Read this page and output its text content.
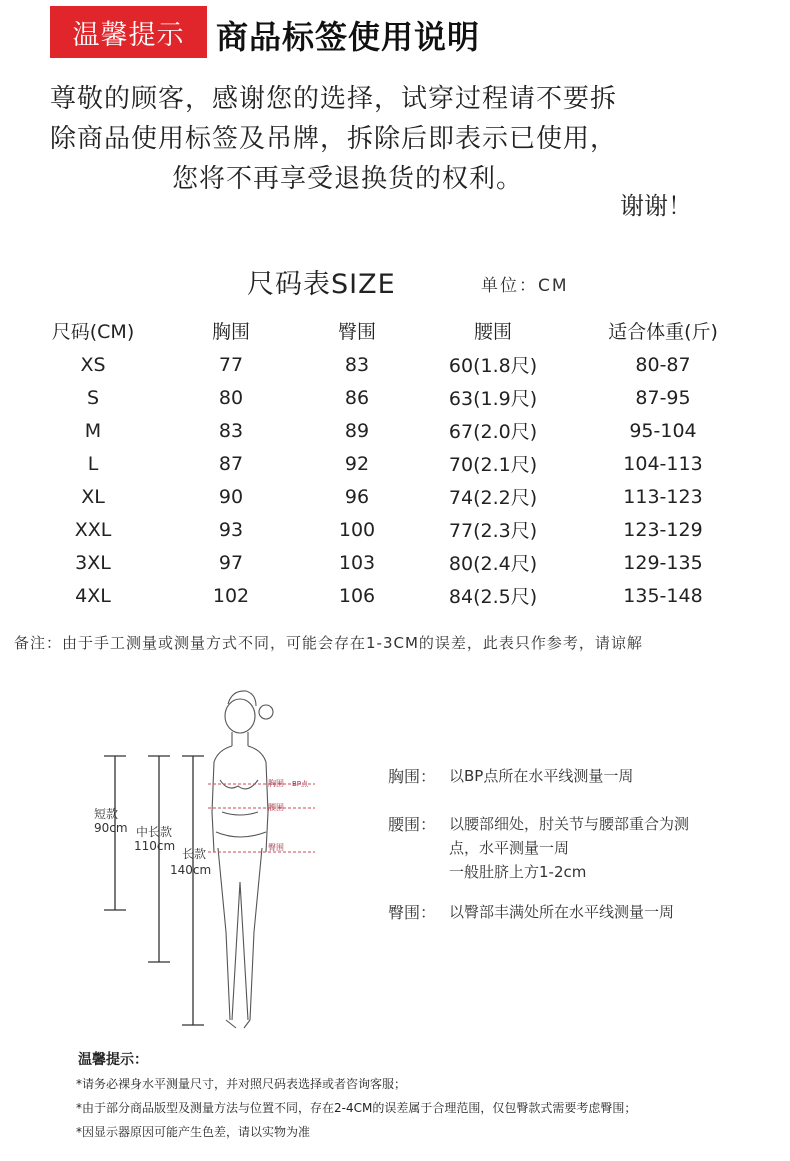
温馨提示 商品标签使用说明
尊敬的顾客，感谢您的选择，试穿过程请不要拆
除商品使用标签及吊牌，拆除后即表示已使用，
您将不再享受退换货的权利。
谢谢！
尺码表SIZE	单位：CM
尺码(CM)	胸围	臀围	腰围	适合体重(斤)
XS	77	83	60(1.8尺)	80-87
S	80	86	63(1.9尺)	87-95
M	83	89	67(2.0尺)	95-104
L	87	92	70(2.1尺)	104-113
XL	90	96	74(2.2尺)	113-123
XXL	93	100	77(2.3尺)	123-129
3XL	97	103	80(2.4尺)	129-135
4XL	102	106	84(2.5尺)	135-148
备注：由于手工测量或测量方式不同，可能会存在1-3CM的误差，此表只作参考，请谅解
短款
90cm 中长款
110cm
长款
140cm
胸围 BP点
腰围
臀围
胸围： 以BP点所在水平线测量一周
腰围： 以腰部细处，肘关节与腰部重合为测
点，水平测量一周
一般肚脐上方1-2cm
臀围： 以臀部丰满处所在水平线测量一周
温馨提示：
*请务必裸身水平测量尺寸，并对照尺码表选择或者咨询客服；
*由于部分商品版型及测量方法与位置不同，存在2-4CM的误差属于合理范围，仅包臀款式需要考虑臀围；
*因显示器原因可能产生色差，请以实物为准
